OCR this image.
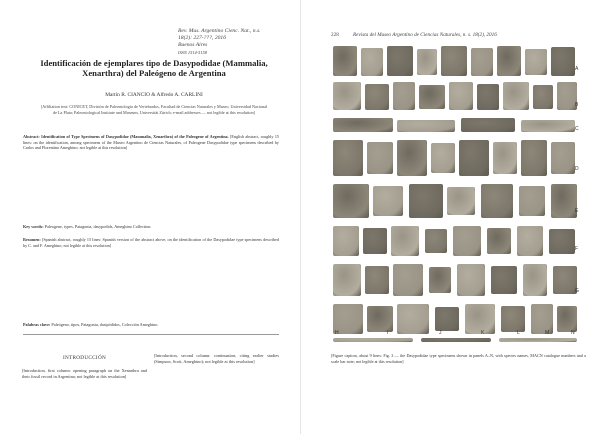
Rev. Mus. Argentino Cienc. Nat., n.s.
18(2): 227-???, 2016
Buenos Aires
ISSN 1514-5158
Identificación de ejemplares tipo de Dasypodidae (Mammalia, Xenarthra) del Paleógeno de Argentina
Martín R. CIANCIO & Alfredo A. CARLINI
[Affiliation text: CONICET, División de Paleontología de Vertebrados, Facultad de Ciencias Naturales y Museo, Universidad Nacional de La Plata; Paleontological Institute and Museum, Universität Zürich; e-mail addresses — not legible at this resolution]
Abstract: Identification of Type Specimens of Dasypodidae (Mammalia, Xenarthra) of the Paleogene of Argentina. [English abstract, roughly 15 lines: on the identification, among specimens of the Museo Argentino de Ciencias Naturales, of Paleogene Dasypodidae type specimens described by Carlos and Florentino Ameghino; not legible at this resolution]
Key words: Paleogene, types, Patagonia, dasypodids, Ameghino Collection.
Resumen: [Spanish abstract, roughly 15 lines: Spanish version of the abstract above, on the identification of the Dasypodidae type specimens described by C. and F. Ameghino; not legible at this resolution]
Palabras clave: Paleógeno, tipos, Patagonia, dasipódidos, Colección Ameghino.
INTRODUCCIÓN
[Introduction, first column: opening paragraph on the Xenarthra and their fossil record in Argentina; not legible at this resolution]
[Introduction, second column: continuation, citing earlier studies (Simpson, Scott, Ameghino); not legible at this resolution]
228	Revista del Museo Argentino de Ciencias Naturales, n. s. 18(2), 2016
A
B
C
D
E
F
G
H	I	J	K	L	M	N
[Figure caption, about 9 lines: Fig. 3 — the Dasypodidae type specimens shown in panels A–N, with species names, MACN catalogue numbers and a scale bar note; not legible at this resolution]
